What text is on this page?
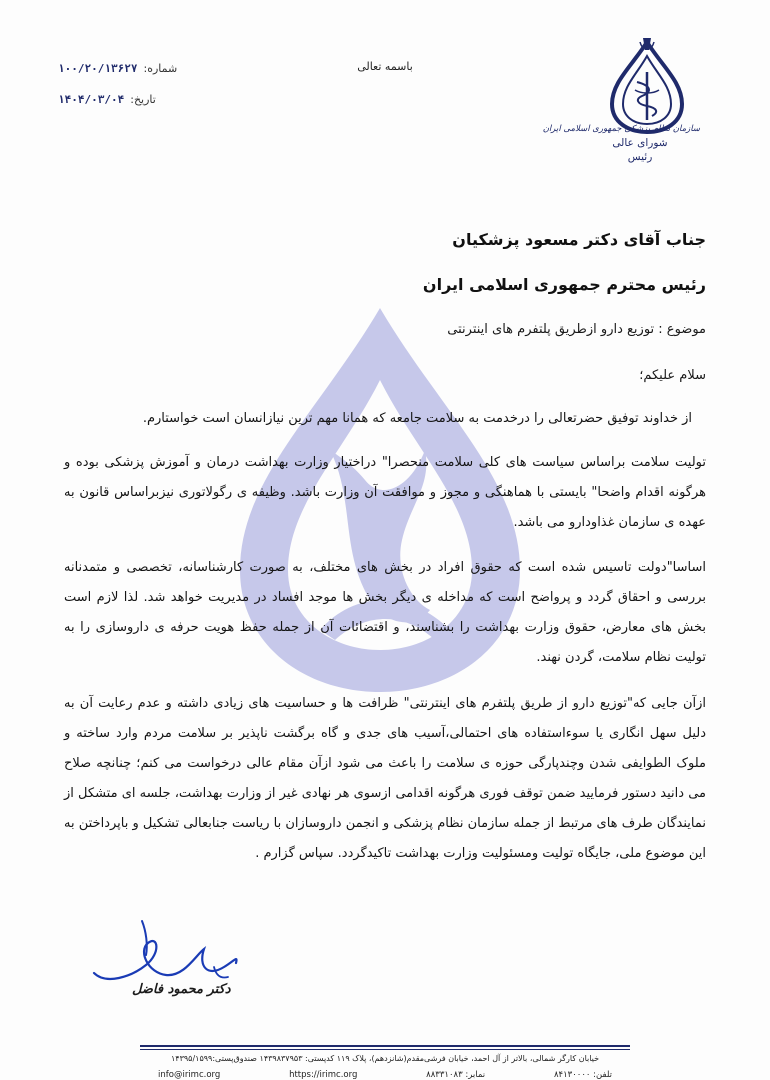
سازمان نظام پزشکی جمهوری اسلامی ایران
شورای عالی
رئیس
باسمه تعالی
شماره:
۱۰۰/۲۰/۱۳۶۲۷
تاریخ:
۱۴۰۴/۰۳/۰۴
جناب آقای دکتر مسعود پزشکیان
رئیس محترم جمهوری اسلامی ایران
موضوع : توزیع دارو ازطریق پلتفرم های اینترنتی
سلام علیکم؛
از خداوند توفیق حضرتعالی را درخدمت به سلامت جامعه که همانا مهم ترین نیازانسان است خواستارم.
تولیت سلامت براساس سیاست های کلی سلامت منحصرا" دراختیار وزارت بهداشت درمان و آموزش پزشکی بوده و هرگونه اقدام واضحا" بایستی با هماهنگی و مجوز و موافقت آن وزارت باشد. وظیفه ی رگولاتوری نیزبراساس قانون به عهده ی سازمان غذاودارو می باشد.
اساسا"دولت تاسیس شده است که حقوق افراد در بخش های مختلف، به صورت کارشناسانه، تخصصی و متمدنانه بررسی و احقاق گردد و پرواضح است که مداخله ی دیگر بخش ها موجد افساد در مدیریت خواهد شد. لذا لازم است بخش های معارض، حقوق وزارت بهداشت را بشناسند، و اقتضائات آن از جمله حفظ هویت حرفه ی داروسازی را به تولیت نظام سلامت، گردن نهند.
ازآن جایی که"توزیع دارو از طریق پلتفرم های اینترنتی" ظرافت ها و حساسیت های زیادی داشته و عدم رعایت آن به دلیل سهل انگاری یا سوءاستفاده های احتمالی،آسیب های جدی و گاه برگشت ناپذیر بر سلامت مردم وارد ساخته و ملوک الطوایفی شدن وچندپارگی حوزه ی سلامت را باعث می شود ازآن مقام عالی درخواست می کنم؛ چنانچه صلاح می دانید دستور فرمایید ضمن توقف فوری هرگونه اقدامی ازسوی هر نهادی غیر از وزارت بهداشت، جلسه ای متشکل از نمایندگان طرف های مرتبط از جمله سازمان نظام پزشکی و انجمن داروسازان با ریاست جنابعالی تشکیل و باپرداختن به این موضوع ملی، جایگاه تولیت ومسئولیت وزارت بهداشت تاکیدگردد. سپاس گزارم .
دکتر محمود فاضل
خیابان کارگر شمالی، بالاتر از آل احمد، خیابان فرشی‌مقدم(شانزدهم)، پلاک ۱۱۹ کدپستی: ۱۴۳۹۸۳۷۹۵۳ صندوق‌پستی:۱۴۳۹۵/۱۵۹۹
تلفن: ۸۴۱۳۰۰۰۰
نمابر: ۸۸۳۳۱۰۸۳
https://irimc.org
info@irimc.org
